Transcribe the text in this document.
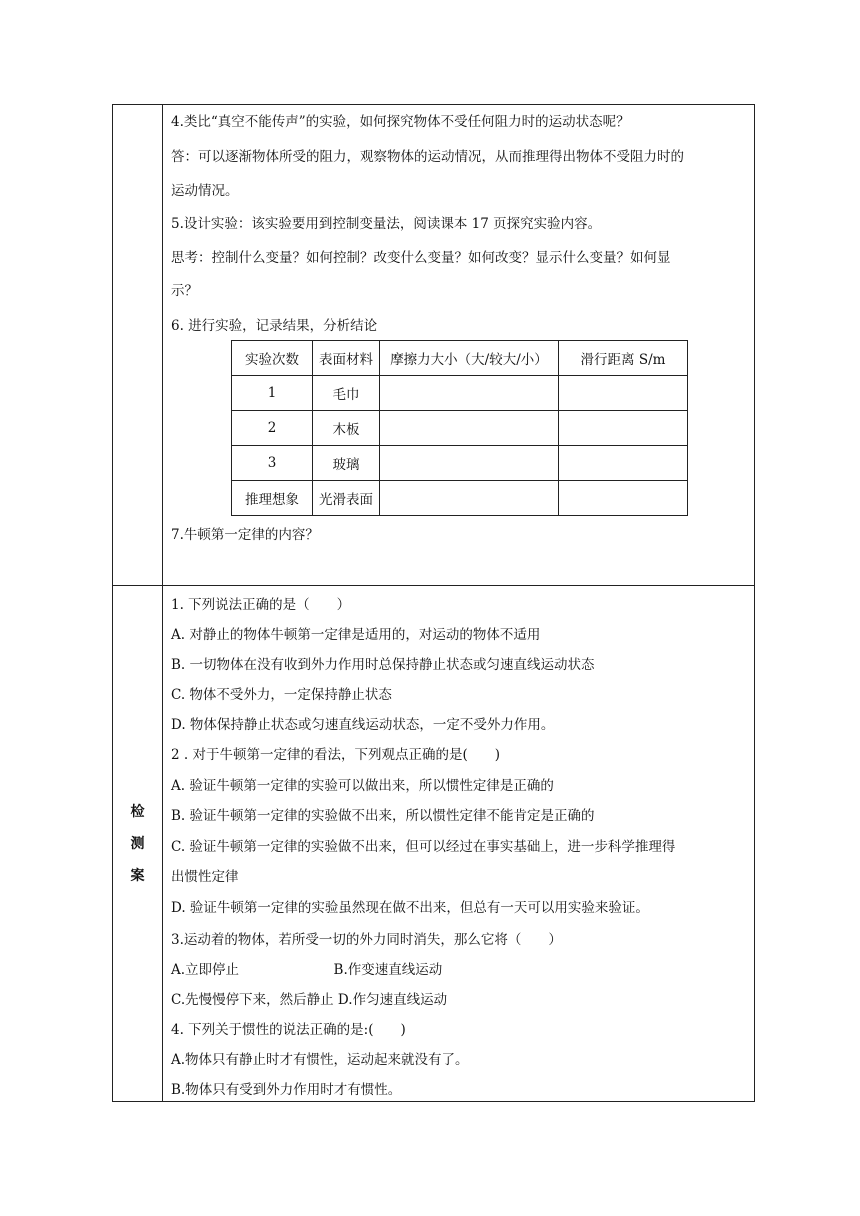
4.类比“真空不能传声”的实验，如何探究物体不受任何阻力时的运动状态呢？
答：可以逐渐物体所受的阻力，观察物体的运动情况，从而推理得出物体不受阻力时的
运动情况。
5.设计实验：该实验要用到控制变量法，阅读课本 17 页探究实验内容。
思考：控制什么变量？如何控制？改变什么变量？如何改变？显示什么变量？如何显
示？
6. 进行实验，记录结果，分析结论
实验次数	表面材料	摩擦力大小（大/较大/小）	滑行距离 S/m
1	毛巾		
2	木板		
3	玻璃		
推理想象	光滑表面		
7.牛顿第一定律的内容？
检
测
案
1. 下列说法正确的是（　　）
A. 对静止的物体牛顿第一定律是适用的，对运动的物体不适用
B. 一切物体在没有收到外力作用时总保持静止状态或匀速直线运动状态
C. 物体不受外力，一定保持静止状态
D. 物体保持静止状态或匀速直线运动状态，一定不受外力作用。
2 . 对于牛顿第一定律的看法，下列观点正确的是(　　)
A. 验证牛顿第一定律的实验可以做出来，所以惯性定律是正确的
B. 验证牛顿第一定律的实验做不出来，所以惯性定律不能肯定是正确的
C. 验证牛顿第一定律的实验做不出来，但可以经过在事实基础上，进一步科学推理得
出惯性定律
D. 验证牛顿第一定律的实验虽然现在做不出来，但总有一天可以用实验来验证。
3.运动着的物体，若所受一切的外力同时消失，那么它将（　　）
A.立即停止　　　　　　　B.作变速直线运动
C.先慢慢停下来，然后静止 D.作匀速直线运动
4. 下列关于惯性的说法正确的是:(　　)
A.物体只有静止时才有惯性，运动起来就没有了。
B.物体只有受到外力作用时才有惯性。
